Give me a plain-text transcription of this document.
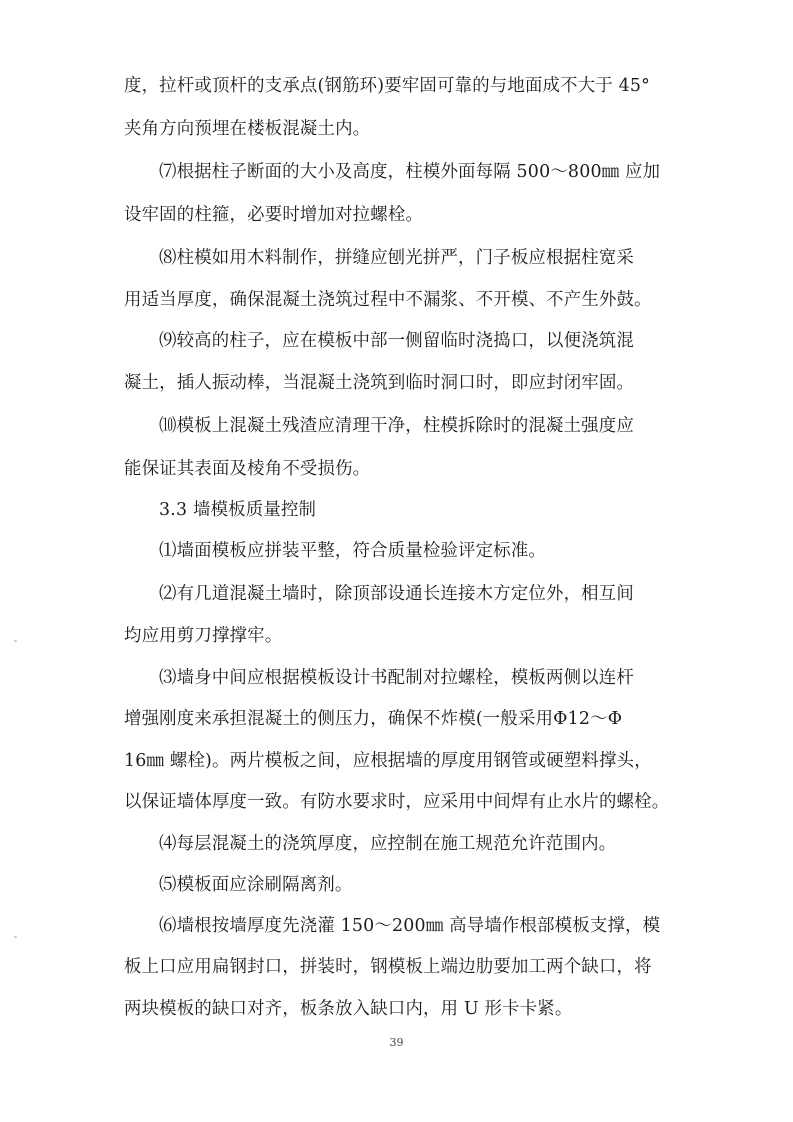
度，拉杆或顶杆的支承点(钢筋环)要牢固可靠的与地面成不大于 45°
夹角方向预埋在楼板混凝土内。
⑺根据柱子断面的大小及高度，柱模外面每隔 500～800㎜ 应加
设牢固的柱箍，必要时增加对拉螺栓。
⑻柱模如用木料制作，拼缝应刨光拼严，门子板应根据柱宽采
用适当厚度，确保混凝土浇筑过程中不漏浆、不开模、不产生外鼓。
⑼较高的柱子，应在模板中部一侧留临时浇捣口，以便浇筑混
凝土，插人振动棒，当混凝土浇筑到临时洞口时，即应封闭牢固。
⑽模板上混凝土残渣应清理干净，柱模拆除时的混凝土强度应
能保证其表面及棱角不受损伤。
3.3 墙模板质量控制
⑴墙面模板应拼装平整，符合质量检验评定标准。
⑵有几道混凝土墙时，除顶部设通长连接木方定位外，相互间
均应用剪刀撑撑牢。
⑶墙身中间应根据模板设计书配制对拉螺栓，模板两侧以连杆
增强刚度来承担混凝土的侧压力，确保不炸模(一般采用Φ12～Φ
16㎜ 螺栓)。两片模板之间，应根据墙的厚度用钢管或硬塑料撑头，
以保证墙体厚度一致。有防水要求时，应采用中间焊有止水片的螺栓。
⑷每层混凝土的浇筑厚度，应控制在施工规范允许范围内。
⑸模板面应涂刷隔离剂。
⑹墙根按墙厚度先浇灌 150～200㎜ 高导墙作根部模板支撑，模
板上口应用扁钢封口，拼装时，钢模板上端边肋要加工两个缺口，将
两块模板的缺口对齐，板条放入缺口内，用 U 形卡卡紧。
39
